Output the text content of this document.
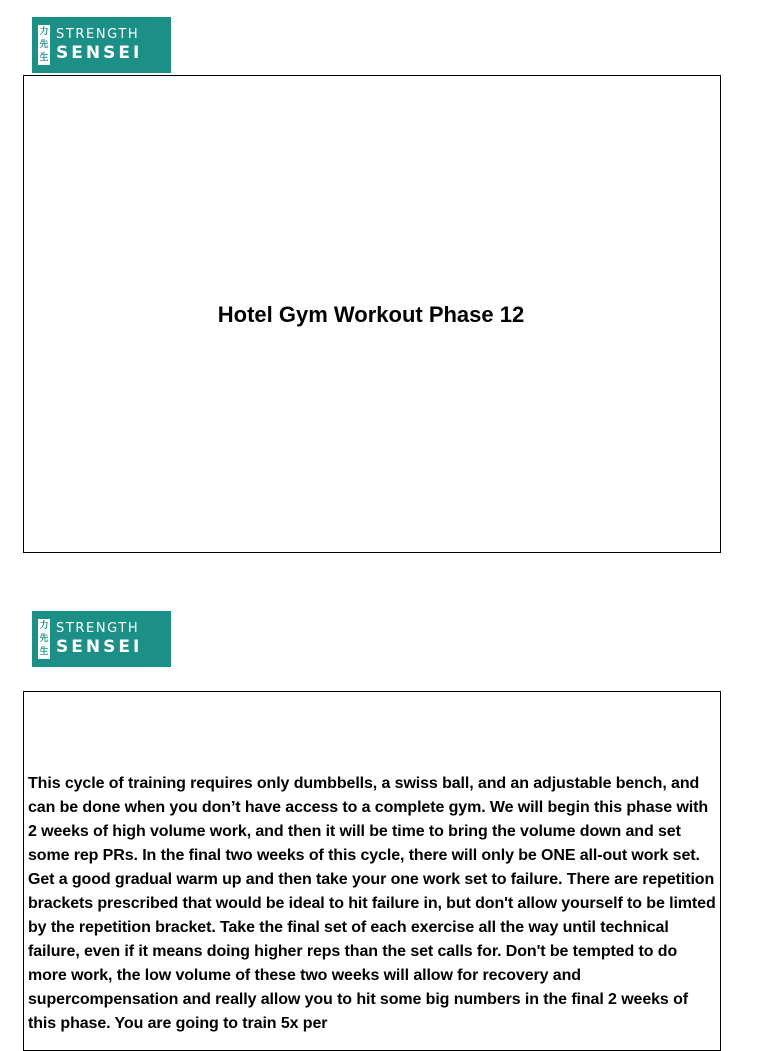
力
先
生
STRENGTH
SENSEI
Hotel Gym Workout Phase 12
力
先
生
STRENGTH
SENSEI

This cycle of training requires only dumbbells, a swiss ball, and an adjustable bench, and can be done when you don’t have access to a complete gym. We will begin this phase with 2 weeks of high volume work, and then it will be time to bring the volume down and set some rep PRs. In the final two weeks of this cycle, there will only be ONE all-out work set. Get a good gradual warm up and then take your one work set to failure. There are repetition brackets prescribed that would be ideal to hit failure in, but don't allow yourself to be limted by the repetition bracket. Take the final set of each exercise all the way until technical failure, even if it means doing higher reps than the set calls for. Don't be tempted to do more work, the low volume of these two weeks will allow for recovery and supercompensation and really allow you to hit some big numbers in the final 2 weeks of this phase. You are going to train 5x per
